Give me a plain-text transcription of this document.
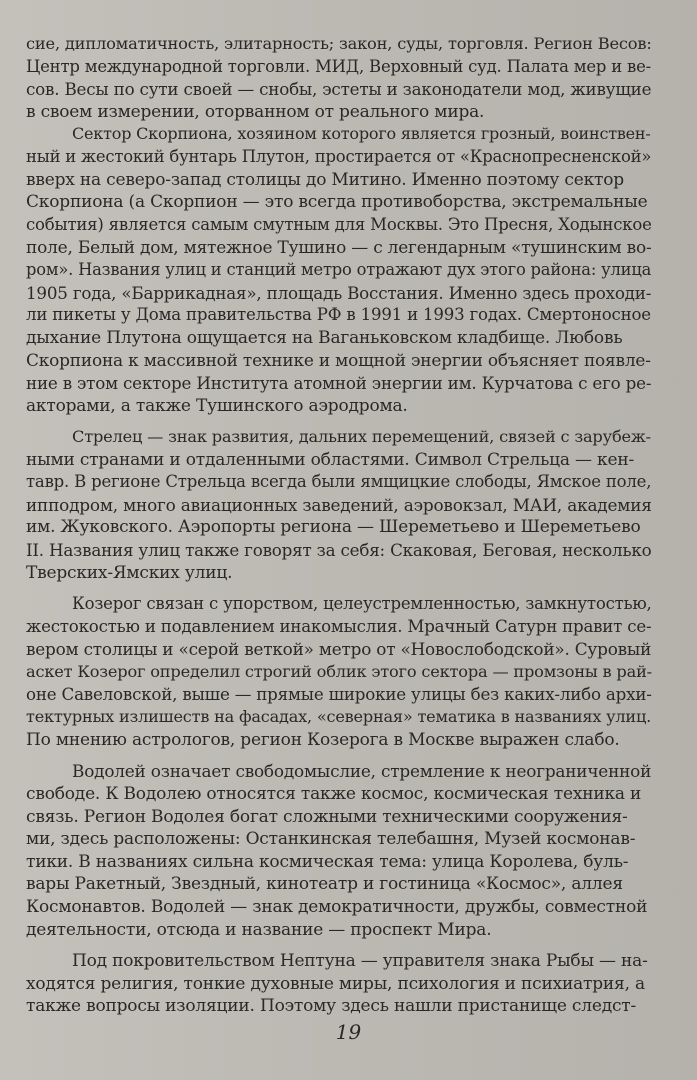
сие, дипломатичность, элитарность; закон, суды, торговля. Регион Весов:
Центр международной торговли. МИД, Верховный суд. Палата мер и ве-
сов. Весы по сути своей — снобы, эстеты и законодатели мод, живущие
в своем измерении, оторванном от реального мира.
Сектор Скорпиона, хозяином которого является грозный, воинствен-
ный и жестокий бунтарь Плутон, простирается от «Краснопресненской»
вверх на северо-запад столицы до Митино. Именно поэтому сектор
Скорпиона (а Скорпион — это всегда противоборства, экстремальные
события) является самым смутным для Москвы. Это Пресня, Ходынское
поле, Белый дом, мятежное Тушино — с легендарным «тушинским во-
ром». Названия улиц и станций метро отражают дух этого района: улица
1905 года, «Баррикадная», площадь Восстания. Именно здесь проходи-
ли пикеты у Дома правительства РФ в 1991 и 1993 годах. Смертоносное
дыхание Плутона ощущается на Ваганьковском кладбище. Любовь
Скорпиона к массивной технике и мощной энергии объясняет появле-
ние в этом секторе Института атомной энергии им. Курчатова с его ре-
акторами, а также Тушинского аэродрома.
Стрелец — знак развития, дальних перемещений, связей с зарубеж-
ными странами и отдаленными областями. Символ Стрельца — кен-
тавр. В регионе Стрельца всегда были ямщицкие слободы, Ямское поле,
ипподром, много авиационных заведений, аэровокзал, МАИ, академия
им. Жуковского. Аэропорты региона — Шереметьево и Шереметьево
II. Названия улиц также говорят за себя: Скаковая, Беговая, несколько
Тверских-Ямских улиц.
Козерог связан с упорством, целеустремленностью, замкнутостью,
жестокостью и подавлением инакомыслия. Мрачный Сатурн правит се-
вером столицы и «серой веткой» метро от «Новослободской». Суровый
аскет Козерог определил строгий облик этого сектора — промзоны в рай-
оне Савеловской, выше — прямые широкие улицы без каких-либо архи-
тектурных излишеств на фасадах, «северная» тематика в названиях улиц.
По мнению астрологов, регион Козерога в Москве выражен слабо.
Водолей означает свободомыслие, стремление к неограниченной
свободе. К Водолею относятся также космос, космическая техника и
связь. Регион Водолея богат сложными техническими сооружения-
ми, здесь расположены: Останкинская телебашня, Музей космонав-
тики. В названиях сильна космическая тема: улица Королева, буль-
вары Ракетный, Звездный, кинотеатр и гостиница «Космос», аллея
Космонавтов. Водолей — знак демократичности, дружбы, совместной
деятельности, отсюда и название — проспект Мира.
Под покровительством Нептуна — управителя знака Рыбы — на-
ходятся религия, тонкие духовные миры, психология и психиатрия, а
также вопросы изоляции. Поэтому здесь нашли пристанище следст-
19
